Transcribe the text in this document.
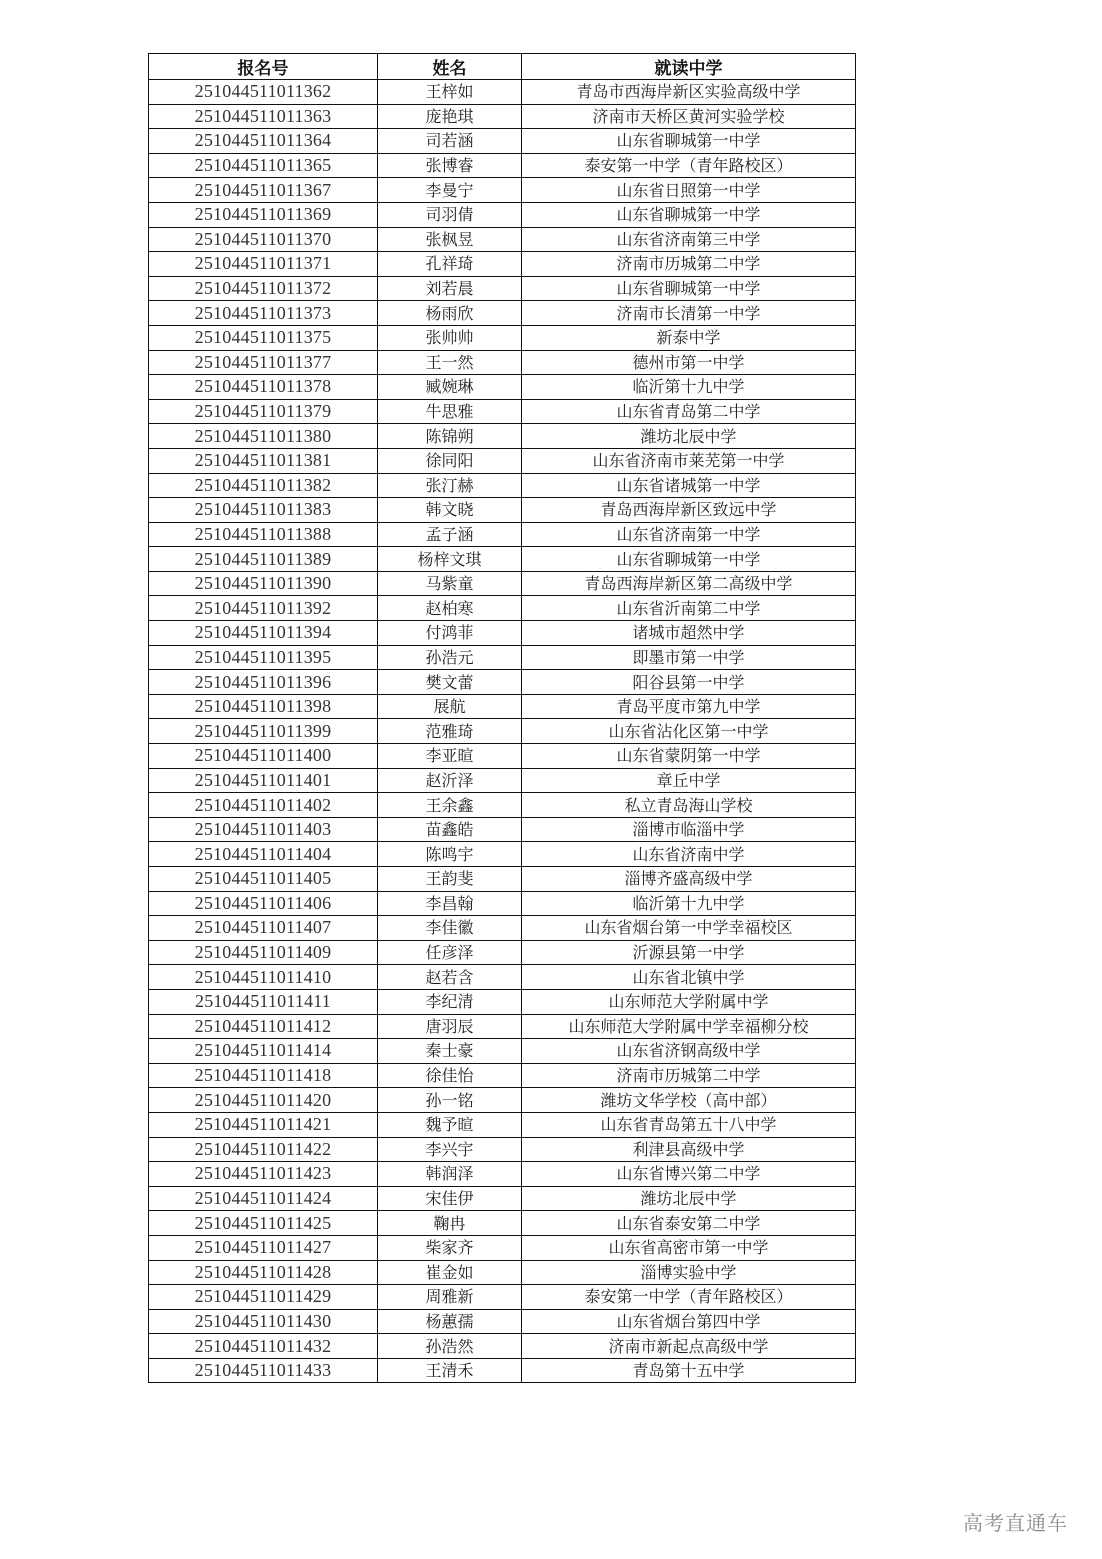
报名号	姓名	就读中学
251044511011362	王梓如	青岛市西海岸新区实验高级中学
251044511011363	庞艳琪	济南市天桥区黄河实验学校
251044511011364	司若涵	山东省聊城第一中学
251044511011365	张博睿	泰安第一中学（青年路校区）
251044511011367	李曼宁	山东省日照第一中学
251044511011369	司羽倩	山东省聊城第一中学
251044511011370	张枫昱	山东省济南第三中学
251044511011371	孔祥琦	济南市历城第二中学
251044511011372	刘若晨	山东省聊城第一中学
251044511011373	杨雨欣	济南市长清第一中学
251044511011375	张帅帅	新泰中学
251044511011377	王一然	德州市第一中学
251044511011378	臧婉琳	临沂第十九中学
251044511011379	牛思雅	山东省青岛第二中学
251044511011380	陈锦朔	潍坊北辰中学
251044511011381	徐同阳	山东省济南市莱芜第一中学
251044511011382	张汀赫	山东省诸城第一中学
251044511011383	韩文晓	青岛西海岸新区致远中学
251044511011388	孟子涵	山东省济南第一中学
251044511011389	杨梓文琪	山东省聊城第一中学
251044511011390	马紫童	青岛西海岸新区第二高级中学
251044511011392	赵柏寒	山东省沂南第二中学
251044511011394	付鸿菲	诸城市超然中学
251044511011395	孙浩元	即墨市第一中学
251044511011396	樊文蕾	阳谷县第一中学
251044511011398	展航	青岛平度市第九中学
251044511011399	范雅琦	山东省沾化区第一中学
251044511011400	李亚暄	山东省蒙阴第一中学
251044511011401	赵沂泽	章丘中学
251044511011402	王余鑫	私立青岛海山学校
251044511011403	苗鑫皓	淄博市临淄中学
251044511011404	陈鸣宇	山东省济南中学
251044511011405	王韵斐	淄博齐盛高级中学
251044511011406	李昌翰	临沂第十九中学
251044511011407	李佳徽	山东省烟台第一中学幸福校区
251044511011409	任彦泽	沂源县第一中学
251044511011410	赵若含	山东省北镇中学
251044511011411	李纪清	山东师范大学附属中学
251044511011412	唐羽辰	山东师范大学附属中学幸福柳分校
251044511011414	秦士豪	山东省济钢高级中学
251044511011418	徐佳怡	济南市历城第二中学
251044511011420	孙一铭	潍坊文华学校（高中部）
251044511011421	魏予暄	山东省青岛第五十八中学
251044511011422	李兴宇	利津县高级中学
251044511011423	韩润泽	山东省博兴第二中学
251044511011424	宋佳伊	潍坊北辰中学
251044511011425	鞠冉	山东省泰安第二中学
251044511011427	柴家齐	山东省高密市第一中学
251044511011428	崔金如	淄博实验中学
251044511011429	周雅新	泰安第一中学（青年路校区）
251044511011430	杨蕙孺	山东省烟台第四中学
251044511011432	孙浩然	济南市新起点高级中学
251044511011433	王清禾	青岛第十五中学
高考直通车
